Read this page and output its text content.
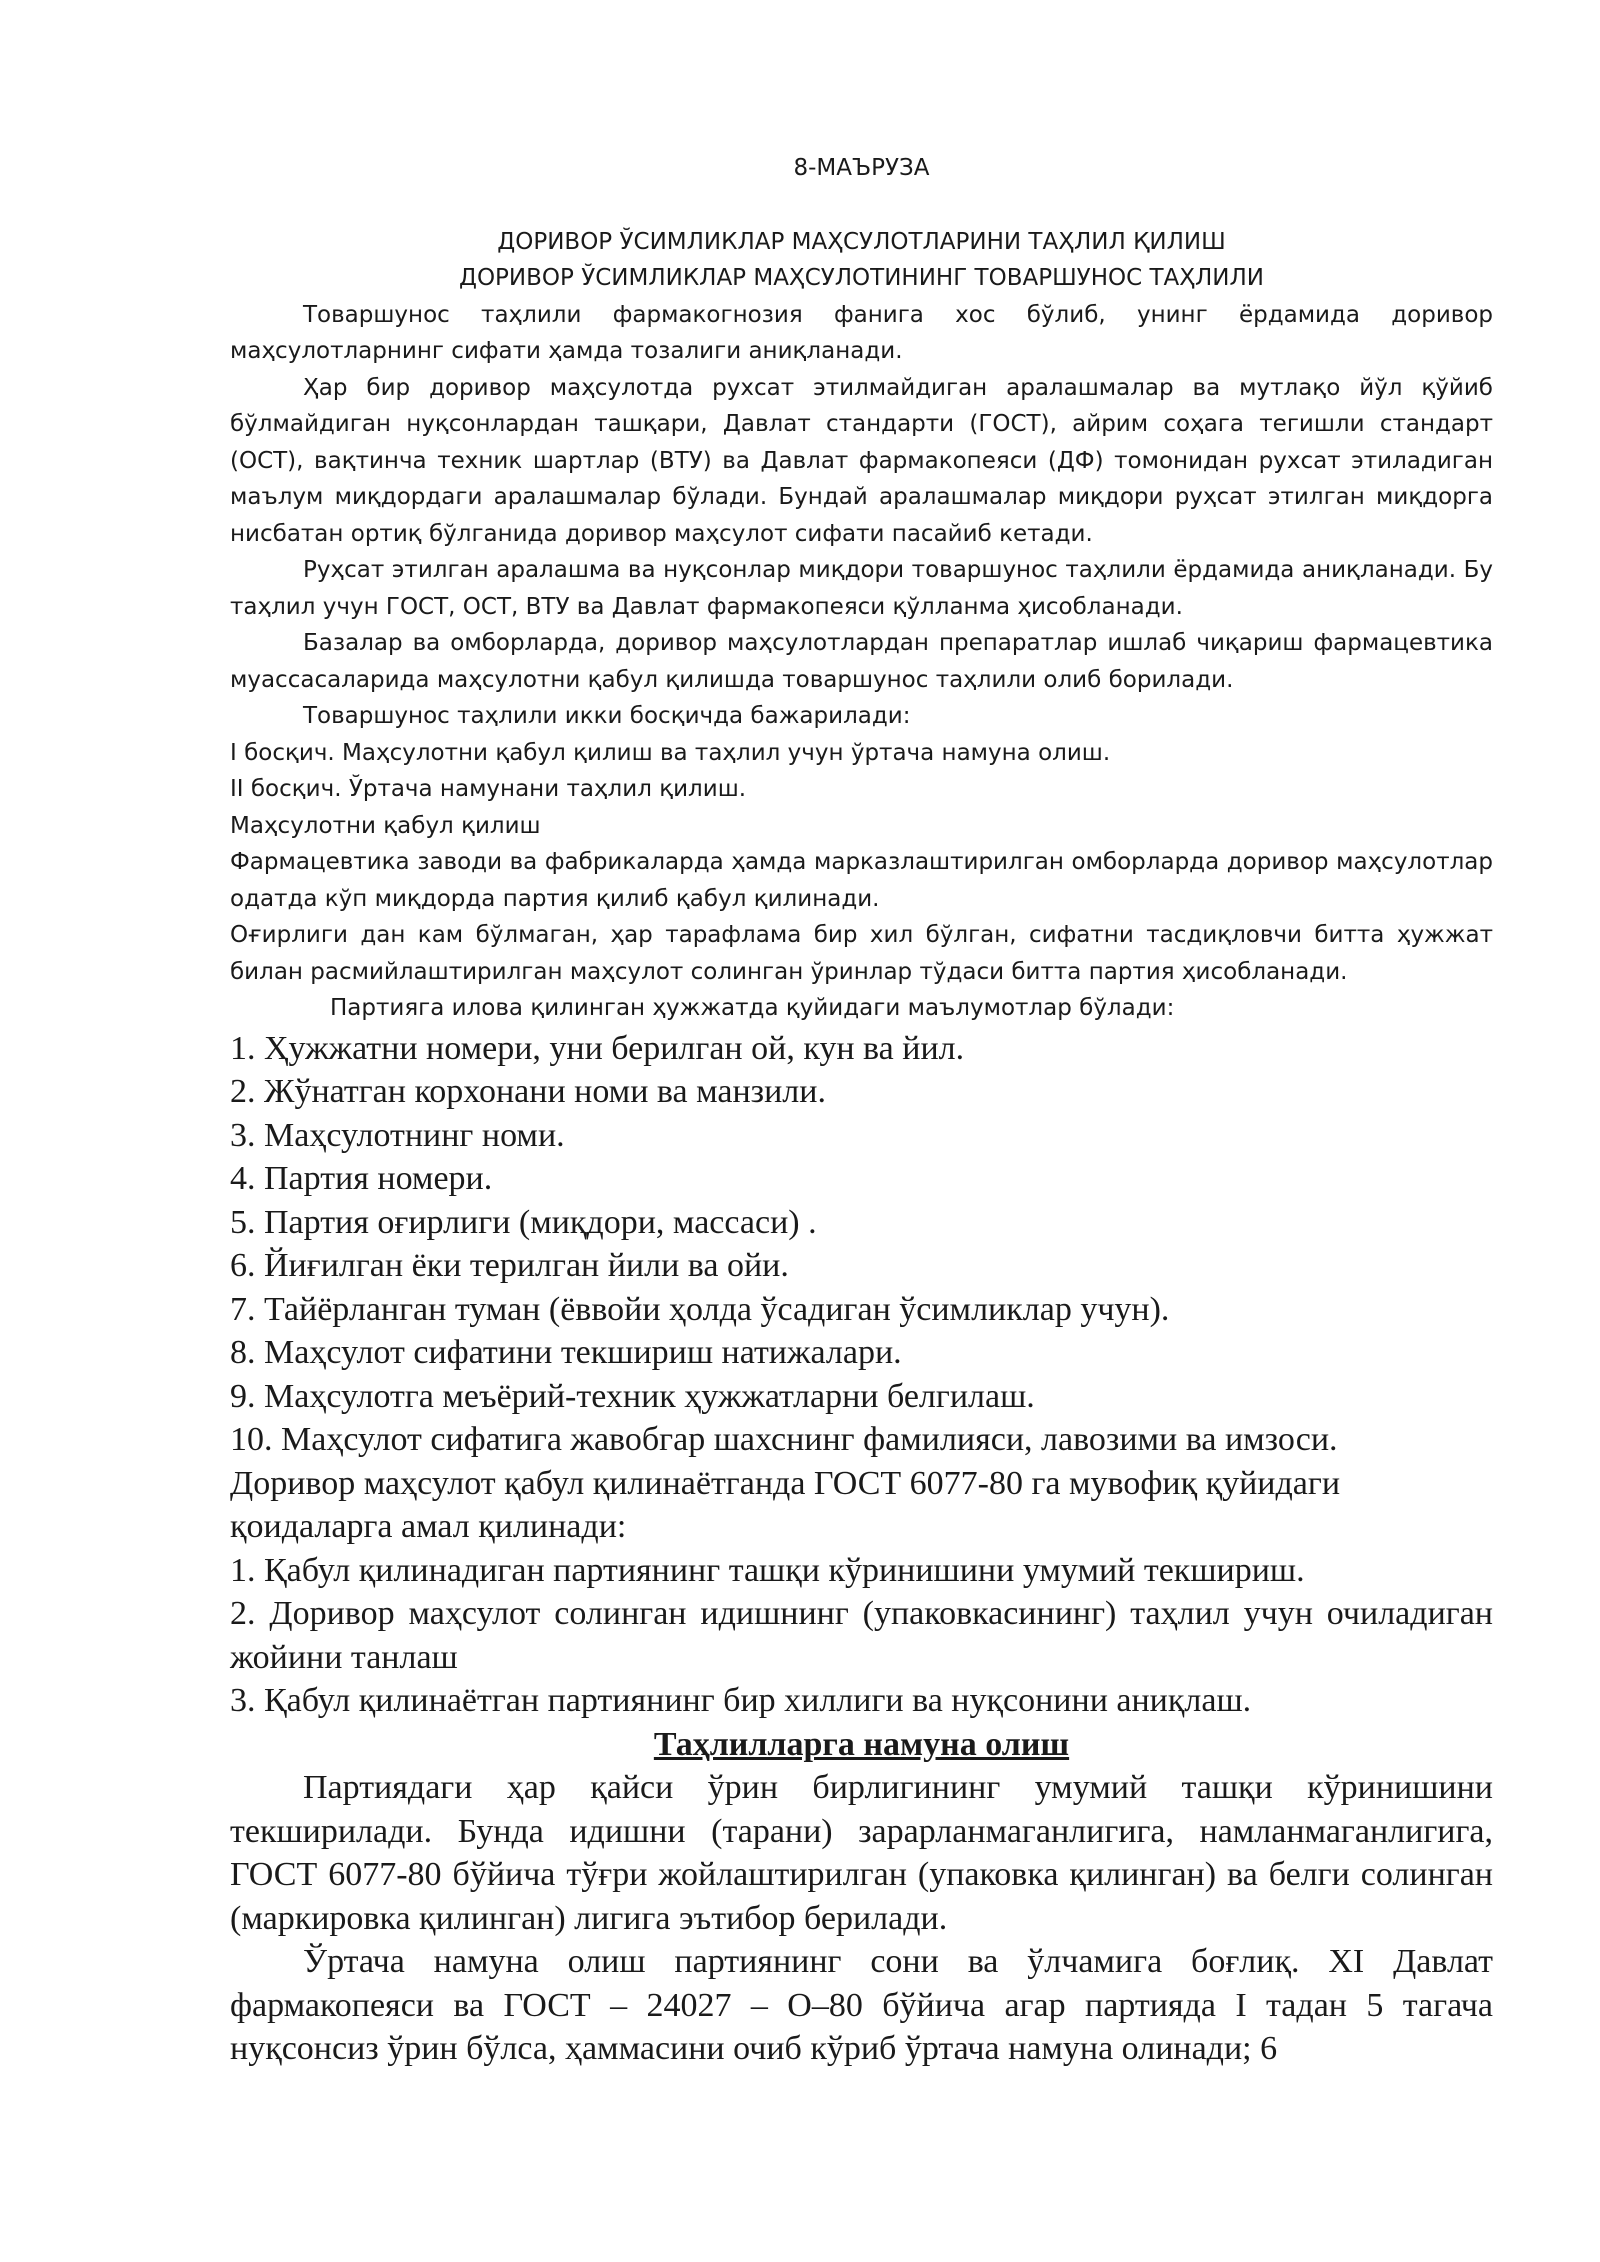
8-МАЪРУЗА

ДОРИВОР ЎСИМЛИКЛАР МАҲСУЛОТЛАРИНИ ТАҲЛИЛ ҚИЛИШ

ДОРИВОР ЎСИМЛИКЛАР МАҲСУЛОТИНИНГ ТОВАРШУНОС ТАҲЛИЛИ

Товаршунос таҳлили фармакогнозия фанига хос бўлиб, унинг ёрдамида доривор маҳсулотларнинг сифати ҳамда тозалиги аниқланади.

Ҳар бир доривор маҳсулотда рухсат этилмайдиган аралашмалар ва мутлақо йўл қўйиб бўлмайдиган нуқсонлардан ташқари, Давлат стандарти (ГОСТ), айрим соҳага тегишли стандарт (ОСТ), вақтинча техник шартлар (ВТУ) ва Давлат фармакопеяси (ДФ) томонидан рухсат этиладиган маълум миқдордаги аралашмалар бўлади. Бундай аралашмалар миқдори руҳсат этилган миқдорга нисбатан ортиқ бўлганида доривор маҳсулот сифати пасайиб кетади.

Руҳсат этилган аралашма ва нуқсонлар миқдори товаршунос таҳлили ёрдамида аниқланади. Бу таҳлил учун ГОСТ, ОСТ, ВТУ ва Давлат фармакопеяси қўлланма ҳисобланади.

Базалар ва омборларда, доривор маҳсулотлардан препаратлар ишлаб чиқариш фармацевтика муассасаларида маҳсулотни қабул қилишда товаршунос таҳлили олиб борилади.

Товаршунос таҳлили икки босқичда бажарилади:

I босқич. Маҳсулотни қабул қилиш ва таҳлил учун ўртача намуна олиш.

II босқич. Ўртача намунани таҳлил қилиш.

Маҳсулотни қабул қилиш

Фармацевтика заводи ва фабрикаларда ҳамда марказлаштирилган омборларда доривор маҳсулотлар одатда кўп миқдорда партия қилиб қабул қилинади.

Оғирлиги дан кам бўлмаган, ҳар тарафлама бир хил бўлган, сифатни тасдиқловчи битта ҳужжат билан расмийлаштирилган маҳсулот солинган ўринлар тўдаси битта партия ҳисобланади.

Партияга илова қилинган ҳужжатда қуйидаги маълумотлар бўлади:

1. Ҳужжатни номери, уни берилган ой, кун ва йил.
2. Жўнатган корхонани номи ва манзили.
3. Маҳсулотнинг номи.
4. Партия номери.
5. Партия оғирлиги (миқдори, массаси) .
6. Йиғилган ёки терилган йили ва ойи.
7. Тайёрланган туман (ёввойи ҳолда ўсадиган ўсимликлар учун).
8. Маҳсулот сифатини текшириш натижалари.
9. Маҳсулотга меъёрий-техник ҳужжатларни белгилаш.
10. Маҳсулот сифатига жавобгар шахснинг фамилияси, лавозими ва имзоси.

Доривор маҳсулот қабул қилинаётганда ГОСТ 6077-80 га мувофиқ қуйидаги қоидаларга амал қилинади:

1. Қабул қилинадиган партиянинг ташқи кўринишини умумий текшириш.
2. Доривор маҳсулот солинган идишнинг (упаковкасининг) таҳлил учун очиладиган жойини танлаш
3. Қабул қилинаётган партиянинг бир хиллиги ва нуқсонини аниқлаш.

Таҳлилларга намуна олиш

Партиядаги ҳар қайси ўрин бирлигининг умумий ташқи кўринишини текширилади. Бунда идишни (тарани) зарарланмаганлигига, намланмаганлигига, ГОСТ 6077-80 бўйича тўғри жойлаштирилган (упаковка қилинган) ва белги солинган (маркировка қилинган) лигига эътибор берилади.

Ўртача намуна олиш партиянинг сони ва ўлчамига боғлиқ. XI Давлат фармакопеяси ва ГОСТ – 24027 – О–80 бўйича агар партияда I тадан 5 тагача нуқсонсиз ўрин бўлса, ҳаммасини очиб кўриб ўртача намуна олинади; 6
